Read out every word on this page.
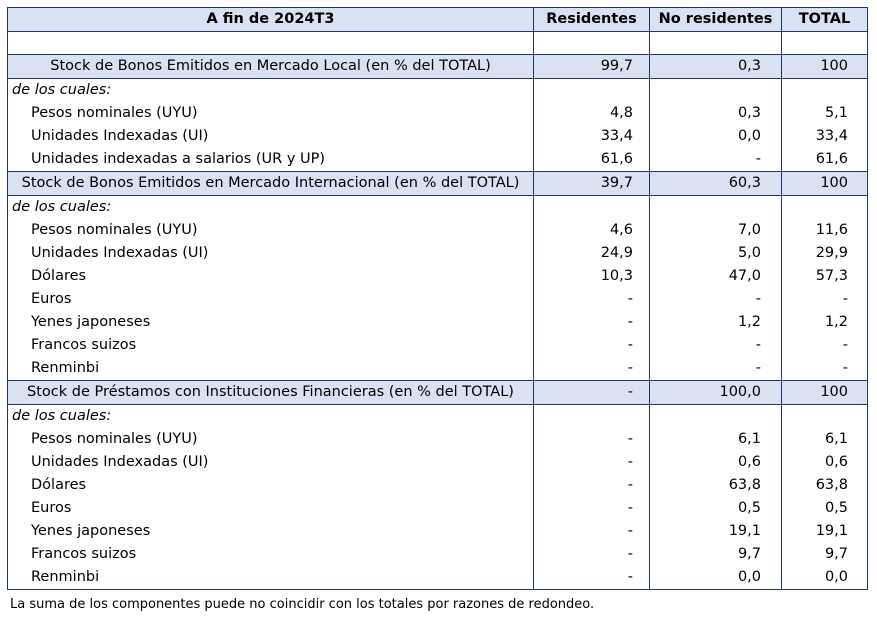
A fin de 2024T3	Residentes	No residentes	TOTAL

Stock de Bonos Emitidos en Mercado Local (en % del TOTAL)	99,7	0,3	100
de los cuales:			
Pesos nominales (UYU)	4,8	0,3	5,1
Unidades Indexadas (UI)	33,4	0,0	33,4
Unidades indexadas a salarios (UR y UP)	61,6	-	61,6
Stock de Bonos Emitidos en Mercado Internacional (en % del TOTAL)	39,7	60,3	100
de los cuales:			
Pesos nominales (UYU)	4,6	7,0	11,6
Unidades Indexadas (UI)	24,9	5,0	29,9
Dólares	10,3	47,0	57,3
Euros	-	-	-
Yenes japoneses	-	1,2	1,2
Francos suizos	-	-	-
Renminbi	-	-	-
Stock de Préstamos con Instituciones Financieras (en % del TOTAL)	-	100,0	100
de los cuales:			
Pesos nominales (UYU)	-	6,1	6,1
Unidades Indexadas (UI)	-	0,6	0,6
Dólares	-	63,8	63,8
Euros	-	0,5	0,5
Yenes japoneses	-	19,1	19,1
Francos suizos	-	9,7	9,7
Renminbi	-	0,0	0,0
La suma de los componentes puede no coincidir con los totales por razones de redondeo.
